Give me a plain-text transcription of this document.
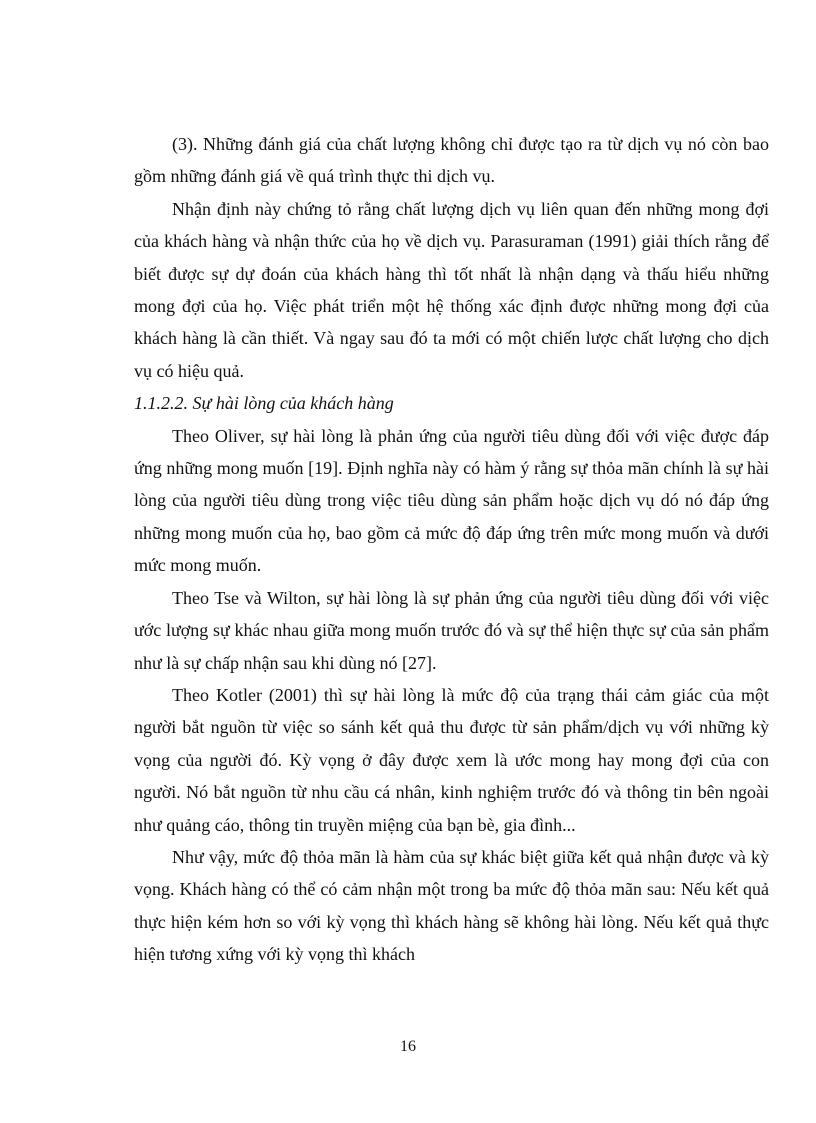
(3). Những đánh giá của chất lượng không chỉ được tạo ra từ dịch vụ nó còn bao gồm những đánh giá về quá trình thực thi dịch vụ.

Nhận định này chứng tỏ rằng chất lượng dịch vụ liên quan đến những mong đợi của khách hàng và nhận thức của họ về dịch vụ. Parasuraman (1991) giải thích rằng để biết được sự dự đoán của khách hàng thì tốt nhất là nhận dạng và thấu hiểu những mong đợi của họ. Việc phát triển một hệ thống xác định được những mong đợi của khách hàng là cần thiết. Và ngay sau đó ta mới có một chiến lược chất lượng cho dịch vụ có hiệu quả.

1.1.2.2. Sự hài lòng của khách hàng

Theo Oliver, sự hài lòng là phản ứng của người tiêu dùng đối với việc được đáp ứng những mong muốn [19]. Định nghĩa này có hàm ý rằng sự thỏa mãn chính là sự hài lòng của người tiêu dùng trong việc tiêu dùng sản phẩm hoặc dịch vụ dó nó đáp ứng những mong muốn của họ, bao gồm cả mức độ đáp ứng trên mức mong muốn và dưới mức mong muốn.

Theo Tse và Wilton, sự hài lòng là sự phản ứng của người tiêu dùng đối với việc ước lượng sự khác nhau giữa mong muốn trước đó và sự thể hiện thực sự của sản phẩm như là sự chấp nhận sau khi dùng nó [27].

Theo Kotler (2001) thì sự hài lòng là mức độ của trạng thái cảm giác của một người bắt nguồn từ việc so sánh kết quả thu được từ sản phẩm/dịch vụ với những kỳ vọng của người đó. Kỳ vọng ở đây được xem là ước mong hay mong đợi của con người. Nó bắt nguồn từ nhu cầu cá nhân, kinh nghiệm trước đó và thông tin bên ngoài như quảng cáo, thông tin truyền miệng của bạn bè, gia đình...

Như vậy, mức độ thỏa mãn là hàm của sự khác biệt giữa kết quả nhận được và kỳ vọng. Khách hàng có thể có cảm nhận một trong ba mức độ thỏa mãn sau: Nếu kết quả thực hiện kém hơn so với kỳ vọng thì khách hàng sẽ không hài lòng. Nếu kết quả thực hiện tương xứng với kỳ vọng thì khách

16
